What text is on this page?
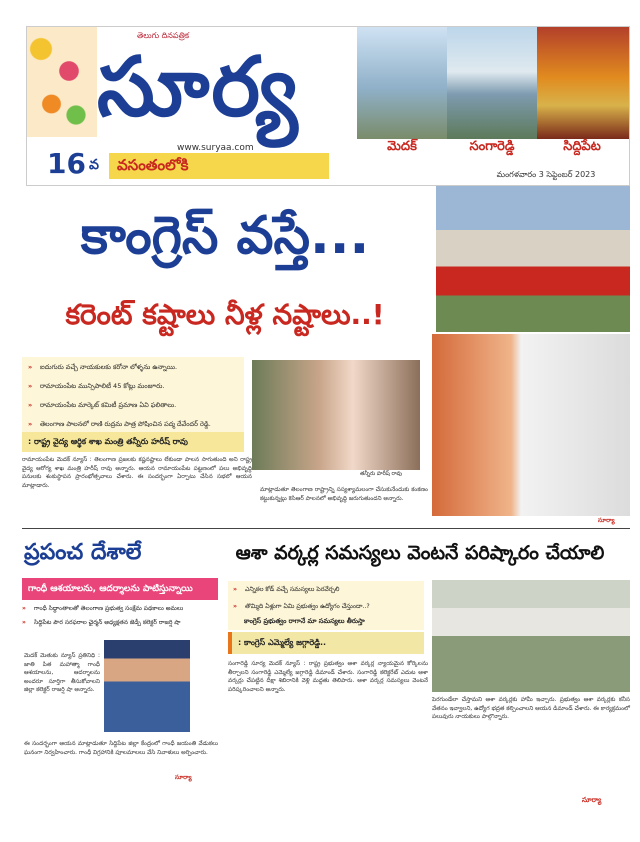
తెలుగు దినపత్రిక
సూర్య
www.suryaa.com	మెదక్	సంగారెడ్డి	సిద్దిపేట
16 వ	వసంతంలోకి
మంగళవారం 3 సెప్టెంబర్ 2023
కాంగ్రెస్ వస్తే...
కరెంట్ కష్టాలు నీళ్ల నష్టాలు..!
» ఐదుగురు వచ్చే నాయకులకు కరోనా లోళ్ళను ఉన్నాయి.
» రామాయంపేట మున్సిపాలిటీ 45 కోట్లు మంజూరు.
» రామాయంపేట మార్కెట్ కమిటీ ప్రమాణ ఏవి ఫలితాలు.
» తెలంగాణ పాలనలో రాణి రుద్రమ పాత్ర పోషించిన పద్మ దేవేందర్ రెడ్డి.
: రాష్ట్ర వైద్య ఆర్థిక శాఖ మంత్రి తన్నీరు హరీష్ రావు
తన్నీరు హరీష్ రావు
రామాయంపేట మెదక్ న్యూస్ : తెలంగాణ ప్రజలకు కష్టనష్టాలు లేకుండా పాలన సాగుతుంది అని రాష్ట్ర వైద్య ఆరోగ్య శాఖ మంత్రి హరీష్ రావు అన్నారు. ఆయన రామాయంపేట పట్టణంలో పలు అభివృద్ధి పనులకు శంకుస్థాపన ప్రారంభోత్సవాలు చేశారు. ఈ సందర్భంగా ఏర్పాటు చేసిన సభలో ఆయన మాట్లాడారు.
మాట్లాడుతూ తెలంగాణ రాష్ట్రాన్ని సస్యశ్యామలంగా చేసుకునేందుకు కంకణం కట్టుకున్నట్లు కెసిఆర్ పాలనలో అభివృద్ధి జరుగుతుందని అన్నారు.
సూర్యా
ప్రపంచ దేశాలే	ఆశా వర్కర్ల సమస్యలు వెంటనే పరిష్కారం చేయాలి
గాంధీ ఆశయాలను, ఆదర్శాలను పాటిస్తున్నాయి
» గాంధీ సిద్ధాంతాలతో తెలంగాణ ప్రభుత్వ సంక్షేమ పథకాలు అమలు
» సిద్దిపేట పౌర సరఫరాల ఛైర్మన్ అధ్యక్షతన జెడ్పీ కలెక్టర్ రాజర్షి షా
మెదక్ మెతుకు న్యూస్ ప్రతినిధి : జాతి పిత మహాత్మా గాంధీ ఆశయాలను, ఆదర్శాలను అందరూ సూర్తిగా తీసుకోవాలని జిల్లా కలెక్టర్ రాజర్షి షా అన్నారు.
ఈ సందర్భంగా ఆయన మాట్లాడుతూ సిద్దిపేట జిల్లా కేంద్రంలో గాంధీ జయంతి వేడుకలు ఘనంగా నిర్వహించారు. గాంధీ విగ్రహానికి పూలమాలలు వేసి నివాళులు అర్పించారు.
సూర్యా
» ఎన్నికల కోడ్ వచ్చే సమస్యలు పెరవేర్చలి
» తొమ్మిది ఏళ్లుగా ఏమి ప్రభుత్వం ఉద్యోగం చేస్తుందా..?
కాంగ్రెస్ ప్రభుత్వం రాగానే మా సమస్యలు తీరుస్తా
: కాంగ్రెస్ ఎమ్మెల్యే జగ్గారెడ్డి..
సంగారెడ్డి సూర్య మెదక్ న్యూస్ : రాష్ట్ర ప్రభుత్వం ఆశా వర్కర్ల న్యాయమైన కోర్కెలను తీర్చాలని సంగారెడ్డి ఎమ్మెల్యే జగ్గారెడ్డి డిమాండ్ చేశారు. సంగారెడ్డి కలెక్టరేట్ ఎదుట ఆశా వర్కర్లు చేపట్టిన దీక్షా శిబిరానికి వెళ్లి మద్దతు తెలిపారు. ఆశా వర్కర్ల సమస్యలు వెంటనే పరిష్కరించాలని అన్నారు.
పెరగుండేలా చేస్తామని ఆశా వర్కర్లకు హామీ ఇచ్చారు. ప్రభుత్వం ఆశా వర్కర్లకు కనీస వేతనం ఇవ్వాలని, ఉద్యోగ భద్రత కల్పించాలని ఆయన డిమాండ్ చేశారు. ఈ కార్యక్రమంలో పలువురు నాయకులు పాల్గొన్నారు.
సూర్యా
